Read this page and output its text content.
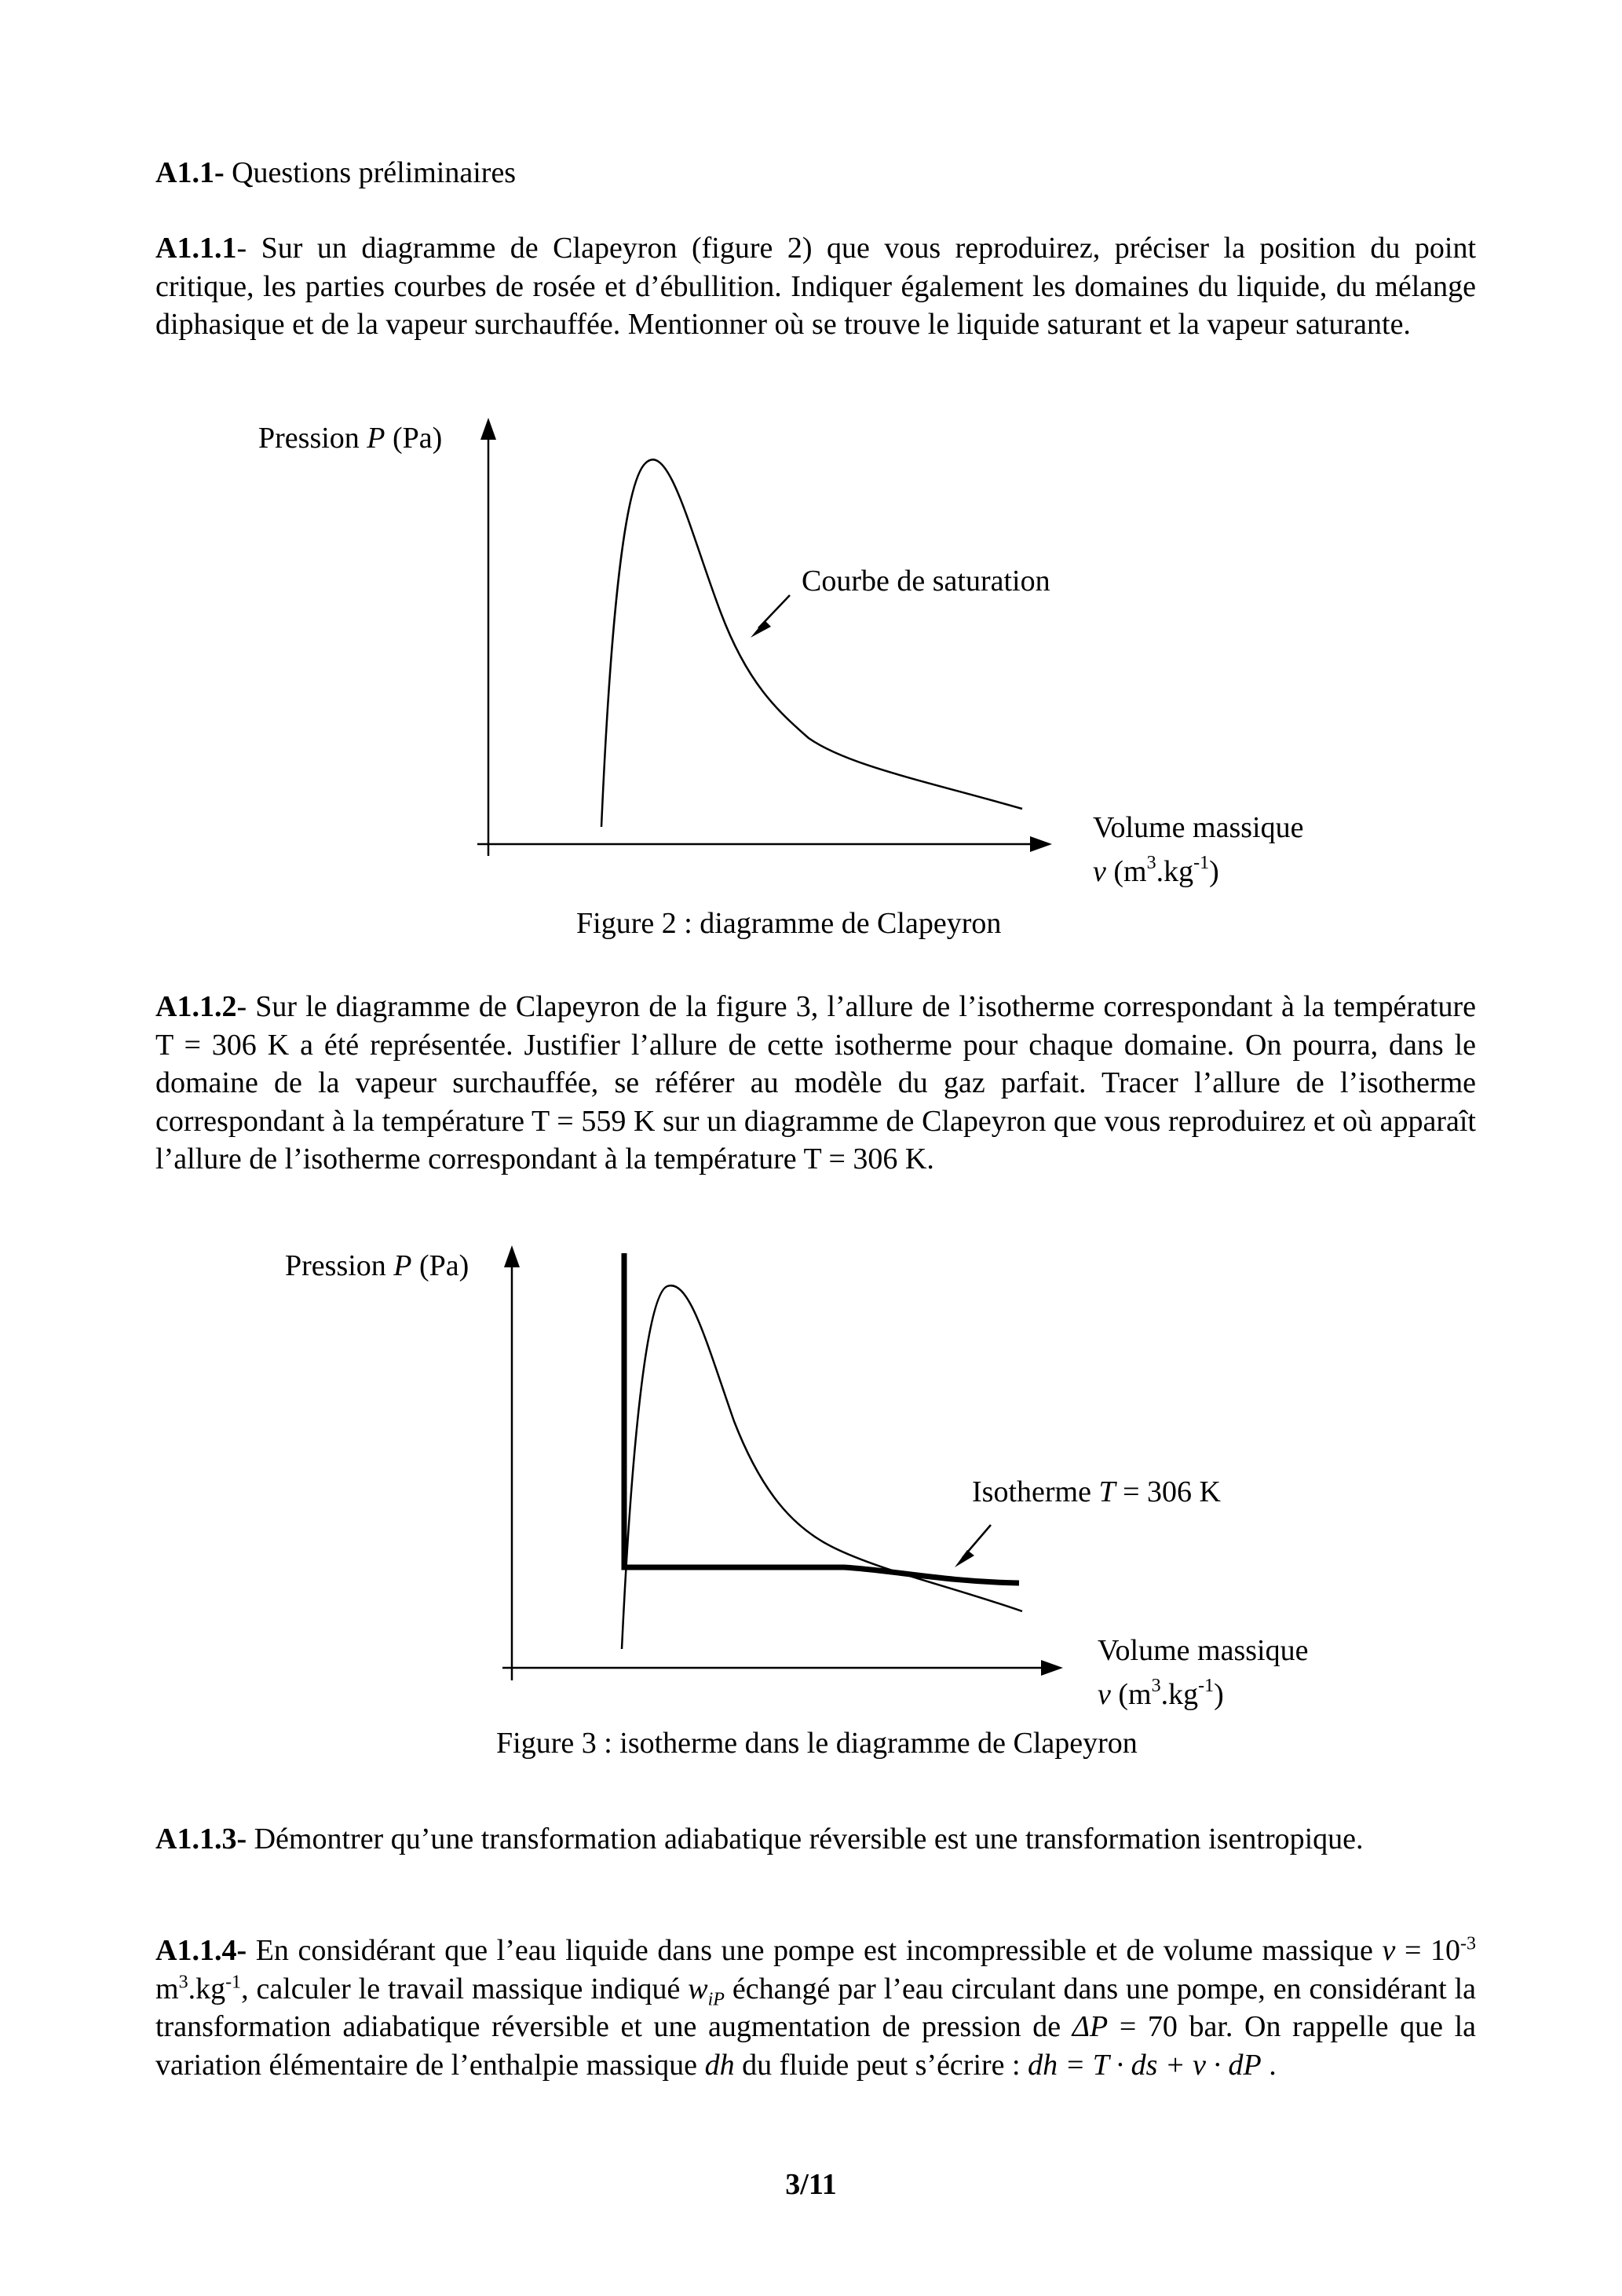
A1.1- Questions préliminaires

A1.1.1- Sur un diagramme de Clapeyron (figure 2) que vous reproduirez, préciser la position du point critique, les parties courbes de rosée et d’ébullition. Indiquer également les domaines du liquide, du mélange diphasique et de la vapeur surchauffée. Mentionner où se trouve le liquide saturant et la vapeur saturante.

Pression P (Pa)
Courbe de saturation
Volume massique
v $(m^3.kg^{-1})$

Figure 2 : diagramme de Clapeyron

A1.1.2- Sur le diagramme de Clapeyron de la figure 3, l’allure de l’isotherme correspondant à la température T = 306 K a été représentée. Justifier l’allure de cette isotherme pour chaque domaine. On pourra, dans le domaine de la vapeur surchauffée, se référer au modèle du gaz parfait. Tracer l’allure de l’isotherme correspondant à la température T = 559 K sur un diagramme de Clapeyron que vous reproduirez et où apparaît l’allure de l’isotherme correspondant à la température T = 306 K.

Pression P (Pa)
Isotherme T = 306 K
Volume massique
v $(m^3.kg^{-1})$

Figure 3 : isotherme dans le diagramme de Clapeyron

A1.1.3- Démontrer qu’une transformation adiabatique réversible est une transformation isentropique.

A1.1.4- En considérant que l’eau liquide dans une pompe est incompressible et de volume massique $v = 10^{-3}$ $m^3.kg^{-1}$, calculer le travail massique indiqué $w_{iP}$ échangé par l’eau circulant dans une pompe, en considérant la transformation adiabatique réversible et une augmentation de pression de ΔP = 70 bar. On rappelle que la variation élémentaire de l’enthalpie massique dh du fluide peut s’écrire : dh = T · ds + v · dP .

3/11
